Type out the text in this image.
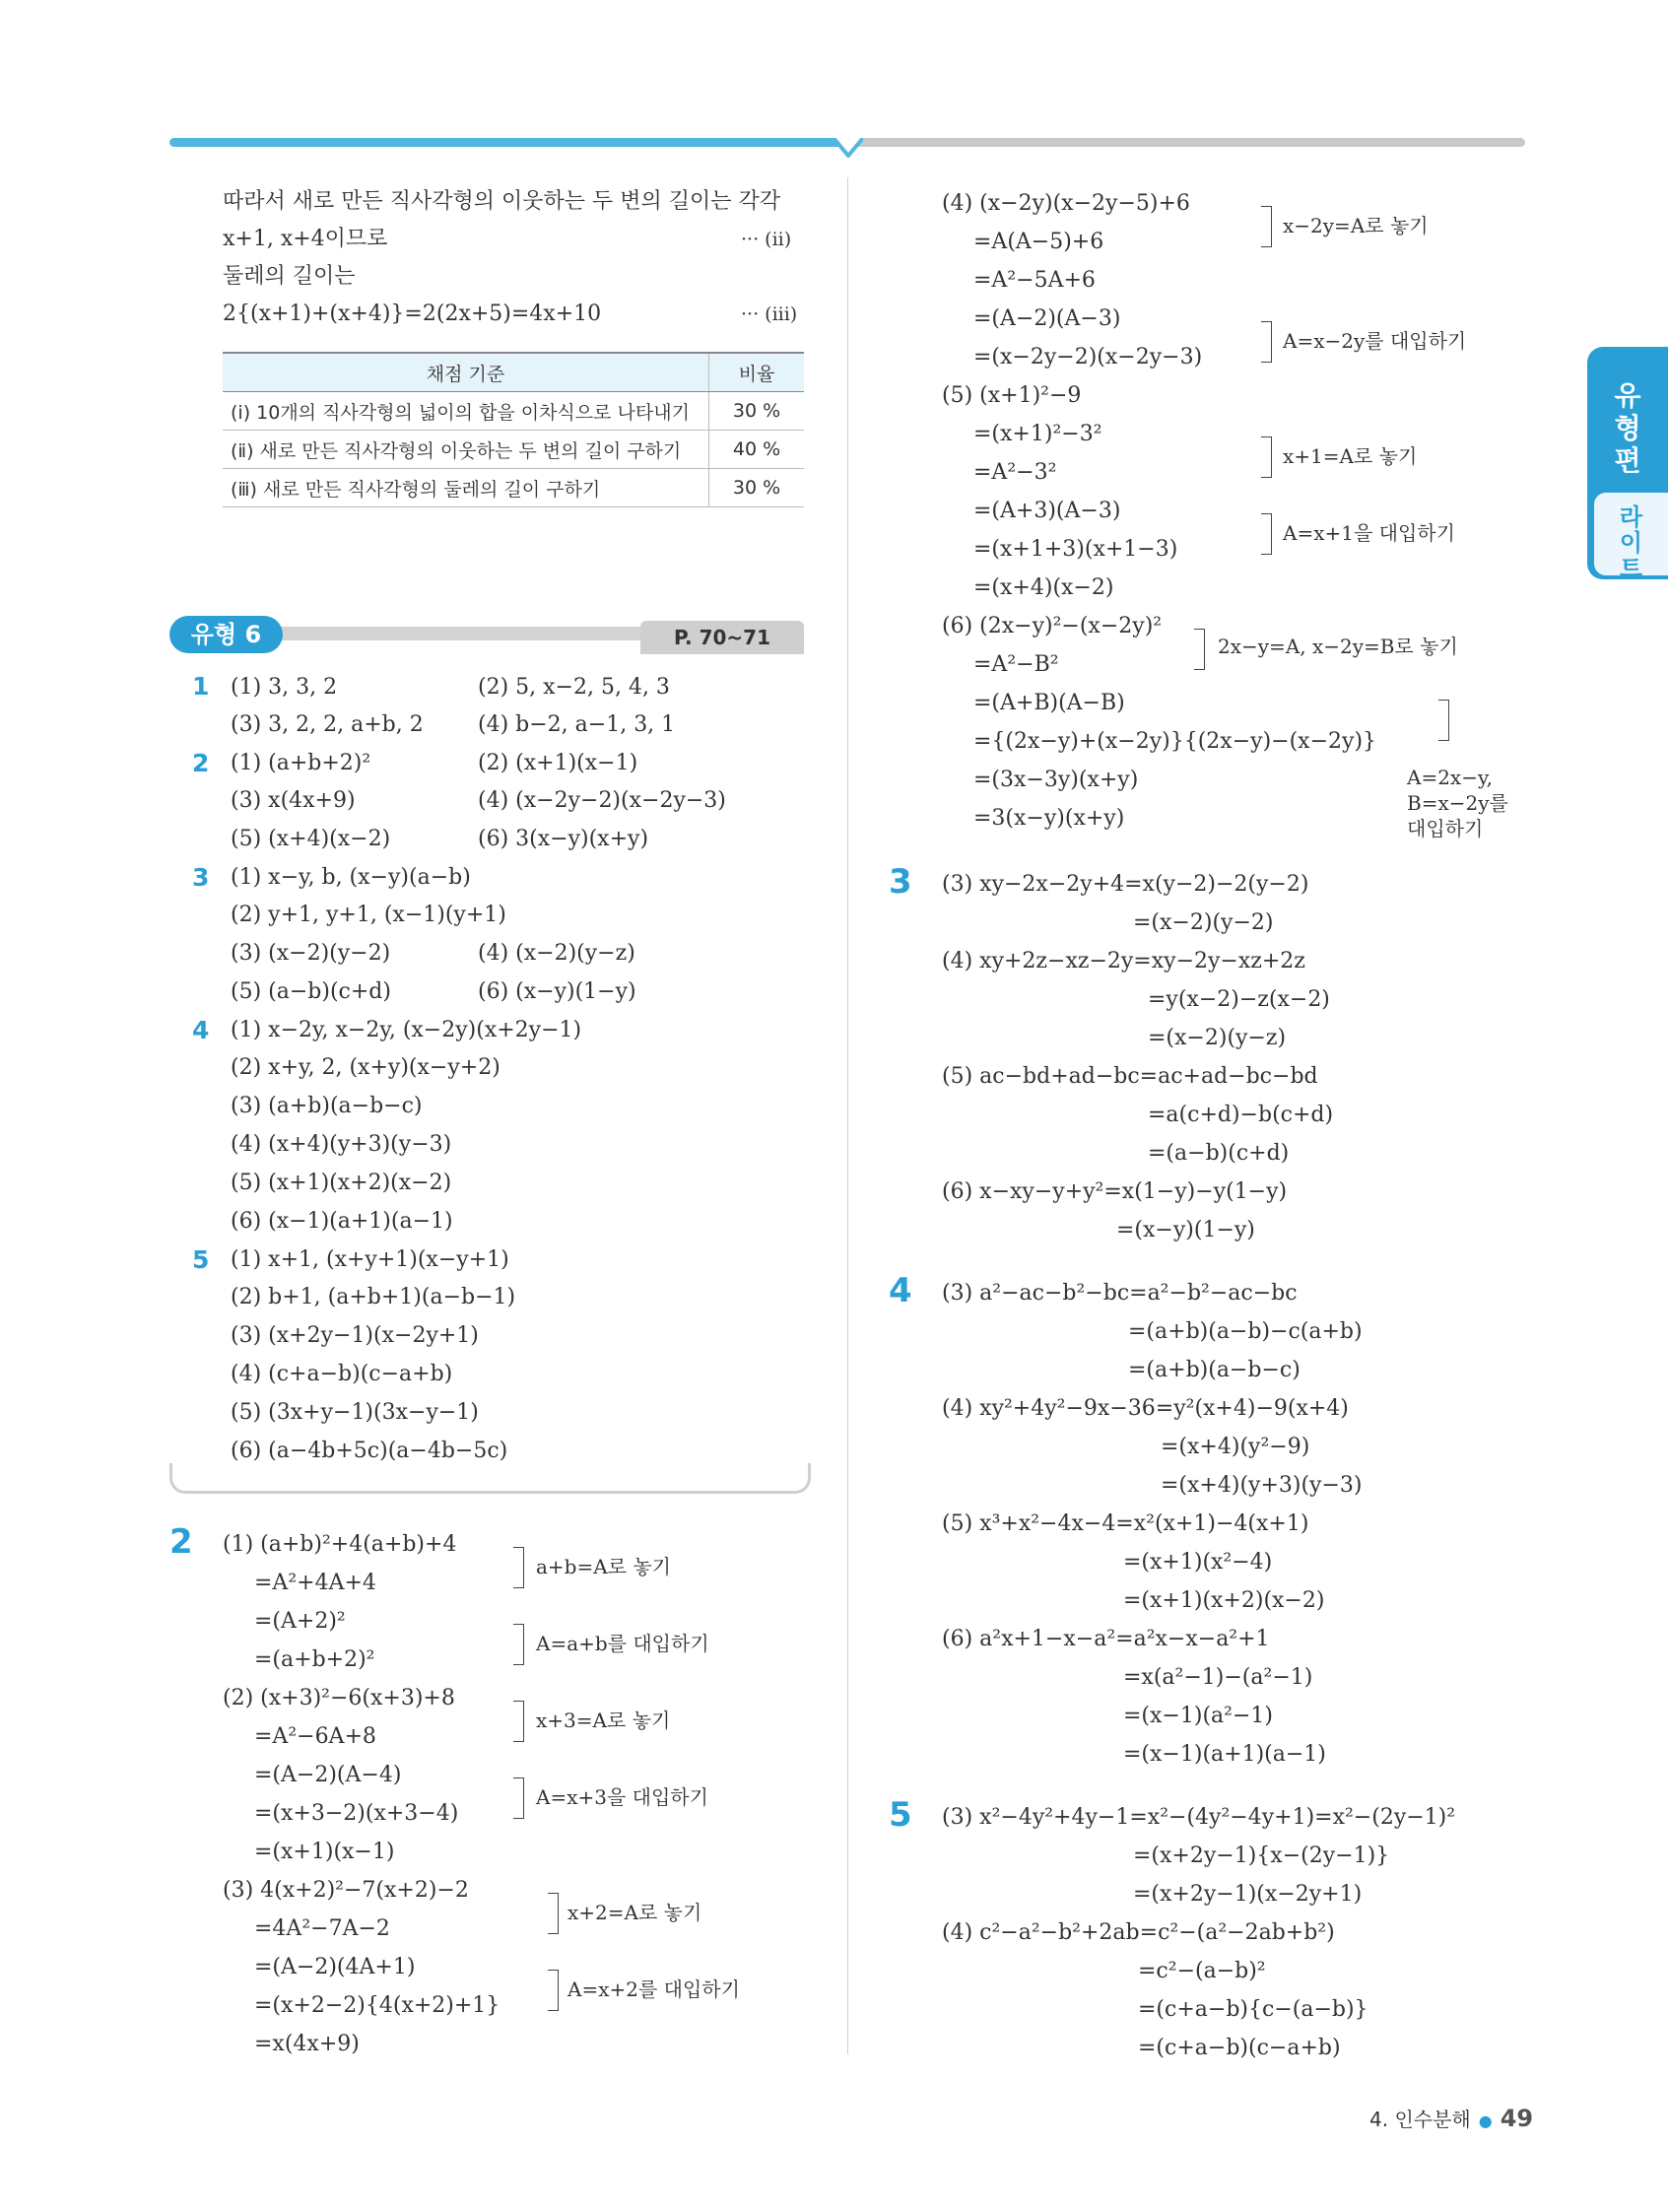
따라서 새로 만든 직사각형의 이웃하는 두 변의 길이는 각각
x+1, x+4이므로	··· (ii)
둘레의 길이는
2{(x+1)+(x+4)}=2(2x+5)=4x+10	··· (iii)
채점 기준	비율
(ⅰ) 10개의 직사각형의 넓이의 합을 이차식으로 나타내기	30 %
(ⅱ) 새로 만든 직사각형의 이웃하는 두 변의 길이 구하기	40 %
(ⅲ) 새로 만든 직사각형의 둘레의 길이 구하기	30 %
유형 6	P. 70~71
1 (1) 3, 3, 2	(2) 5, x−2, 5, 4, 3
(3) 3, 2, 2, a+b, 2	(4) b−2, a−1, 3, 1
2 (1) (a+b+2)²	(2) (x+1)(x−1)
(3) x(4x+9)	(4) (x−2y−2)(x−2y−3)
(5) (x+4)(x−2)	(6) 3(x−y)(x+y)
3 (1) x−y, b, (x−y)(a−b)
(2) y+1, y+1, (x−1)(y+1)
(3) (x−2)(y−2)	(4) (x−2)(y−z)
(5) (a−b)(c+d)	(6) (x−y)(1−y)
4 (1) x−2y, x−2y, (x−2y)(x+2y−1)
(2) x+y, 2, (x+y)(x−y+2)
(3) (a+b)(a−b−c)
(4) (x+4)(y+3)(y−3)
(5) (x+1)(x+2)(x−2)
(6) (x−1)(a+1)(a−1)
5 (1) x+1, (x+y+1)(x−y+1)
(2) b+1, (a+b+1)(a−b−1)
(3) (x+2y−1)(x−2y+1)
(4) (c+a−b)(c−a+b)
(5) (3x+y−1)(3x−y−1)
(6) (a−4b+5c)(a−4b−5c)
2 (1) (a+b)²+4(a+b)+4
=A²+4A+4
=(A+2)²
=(a+b+2)²
a+b=A로 놓기
A=a+b를 대입하기
(2) (x+3)²−6(x+3)+8
=A²−6A+8
=(A−2)(A−4)
=(x+3−2)(x+3−4)
=(x+1)(x−1)
x+3=A로 놓기
A=x+3을 대입하기
(3) 4(x+2)²−7(x+2)−2
=4A²−7A−2
=(A−2)(4A+1)
=(x+2−2){4(x+2)+1}
=x(4x+9)
x+2=A로 놓기
A=x+2를 대입하기
(4) (x−2y)(x−2y−5)+6
=A(A−5)+6
=A²−5A+6
=(A−2)(A−3)
=(x−2y−2)(x−2y−3)
x−2y=A로 놓기
A=x−2y를 대입하기
(5) (x+1)²−9
=(x+1)²−3²
=A²−3²
=(A+3)(A−3)
=(x+1+3)(x+1−3)
=(x+4)(x−2)
x+1=A로 놓기
A=x+1을 대입하기
(6) (2x−y)²−(x−2y)²
=A²−B²
=(A+B)(A−B)
={(2x−y)+(x−2y)}{(2x−y)−(x−2y)}
=(3x−3y)(x+y)
=3(x−y)(x+y)
2x−y=A, x−2y=B로 놓기
A=2x−y,
B=x−2y를
대입하기
3 (3) xy−2x−2y+4=x(y−2)−2(y−2)
=(x−2)(y−2)
(4) xy+2z−xz−2y=xy−2y−xz+2z
=y(x−2)−z(x−2)
=(x−2)(y−z)
(5) ac−bd+ad−bc=ac+ad−bc−bd
=a(c+d)−b(c+d)
=(a−b)(c+d)
(6) x−xy−y+y²=x(1−y)−y(1−y)
=(x−y)(1−y)
4 (3) a²−ac−b²−bc=a²−b²−ac−bc
=(a+b)(a−b)−c(a+b)
=(a+b)(a−b−c)
(4) xy²+4y²−9x−36=y²(x+4)−9(x+4)
=(x+4)(y²−9)
=(x+4)(y+3)(y−3)
(5) x³+x²−4x−4=x²(x+1)−4(x+1)
=(x+1)(x²−4)
=(x+1)(x+2)(x−2)
(6) a²x+1−x−a²=a²x−x−a²+1
=x(a²−1)−(a²−1)
=(x−1)(a²−1)
=(x−1)(a+1)(a−1)
5 (3) x²−4y²+4y−1=x²−(4y²−4y+1)=x²−(2y−1)²
=(x+2y−1){x−(2y−1)}
=(x+2y−1)(x−2y+1)
(4) c²−a²−b²+2ab=c²−(a²−2ab+b²)
=c²−(a−b)²
=(c+a−b){c−(a−b)}
=(c+a−b)(c−a+b)
유
형
편
라
이
트
4. 인수분해 ● 49
